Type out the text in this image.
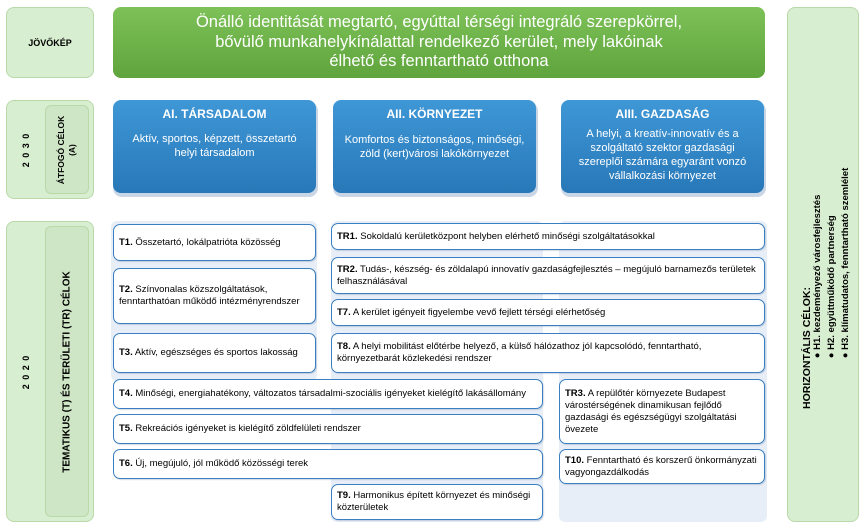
JÖVŐKÉP
2 0 3 0	ÁTFOGÓ CÉLOK
(A)
2 0 2 0	TEMATIKUS (T) ÉS TERÜLETI (TR) CÉLOK
Önálló identitását megtartó, egyúttal térségi integráló szerepkörrel,
bővülő munkahelykínálattal rendelkező kerület, mely lakóinak
élhető és fenntartható otthona
AI. TÁRSADALOM
Aktív, sportos, képzett, összetartó helyi társadalom
AII. KÖRNYEZET
Komfortos és biztonságos, minőségi, zöld (kert)városi lakókörnyezet
AIII. GAZDASÁG
A helyi, a kreatív-innovatív és a szolgáltató szektor gazdasági szereplői számára egyaránt vonzó vállalkozási környezet
T1. Összetartó, lokálpatrióta közösség
T2. Színvonalas közszolgáltatások, fenntarthatóan működő intézményrendszer
T3. Aktív, egészséges és sportos lakosság
T4. Minőségi, energiahatékony, változatos társadalmi-szociális igényeket kielégítő lakásállomány
T5. Rekreációs igényeket is kielégítő zöldfelületi rendszer
T6. Új, megújuló, jól működő közösségi terek
TR1. Sokoldalú kerületközpont helyben elérhető minőségi szolgáltatásokkal
TR2. Tudás-, készség- és zöldalapú innovatív gazdaságfejlesztés – megújuló barnamezős területek felhasználásával
T7. A kerület igényeit figyelembe vevő fejlett térségi elérhetőség
T8. A helyi mobilitást előtérbe helyező, a külső hálózathoz jól kapcsolódó, fenntartható, környezetbarát közlekedési rendszer
TR3. A repülőtér környezete Budapest várostérségének dinamikusan fejlődő gazdasági és egészségügyi szolgáltatási övezete
T10. Fenntartható és korszerű önkormányzati vagyongazdálkodás
T9. Harmonikus épített környezet és minőségi közterületek
HORIZONTÁLIS CÉLOK: ● H1. kezdeményező városfejlesztés
● H2. együttműködő partnerség
● H3. klímatudatos, fenntartható szemlélet
